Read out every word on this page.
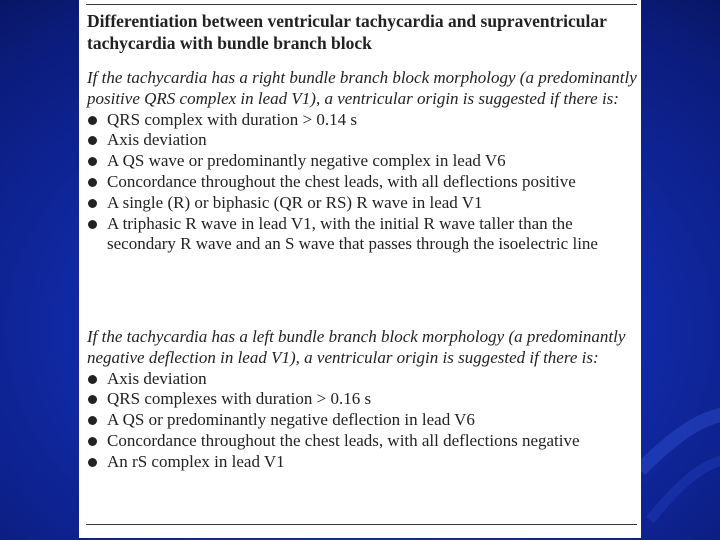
Differentiation between ventricular tachycardia and supraventricular tachycardia with bundle branch block

If the tachycardia has a right bundle branch block morphology (a predominantly positive QRS complex in lead V1), a ventricular origin is suggested if there is:

QRS complex with duration > 0.14 s
Axis deviation
A QS wave or predominantly negative complex in lead V6
Concordance throughout the chest leads, with all deflections positive
A single (R) or biphasic (QR or RS) R wave in lead V1
A triphasic R wave in lead V1, with the initial R wave taller than the secondary R wave and an S wave that passes through the isoelectric line

If the tachycardia has a left bundle branch block morphology (a predominantly negative deflection in lead V1), a ventricular origin is suggested if there is:

Axis deviation
QRS complexes with duration > 0.16 s
A QS or predominantly negative deflection in lead V6
Concordance throughout the chest leads, with all deflections negative
An rS complex in lead V1
